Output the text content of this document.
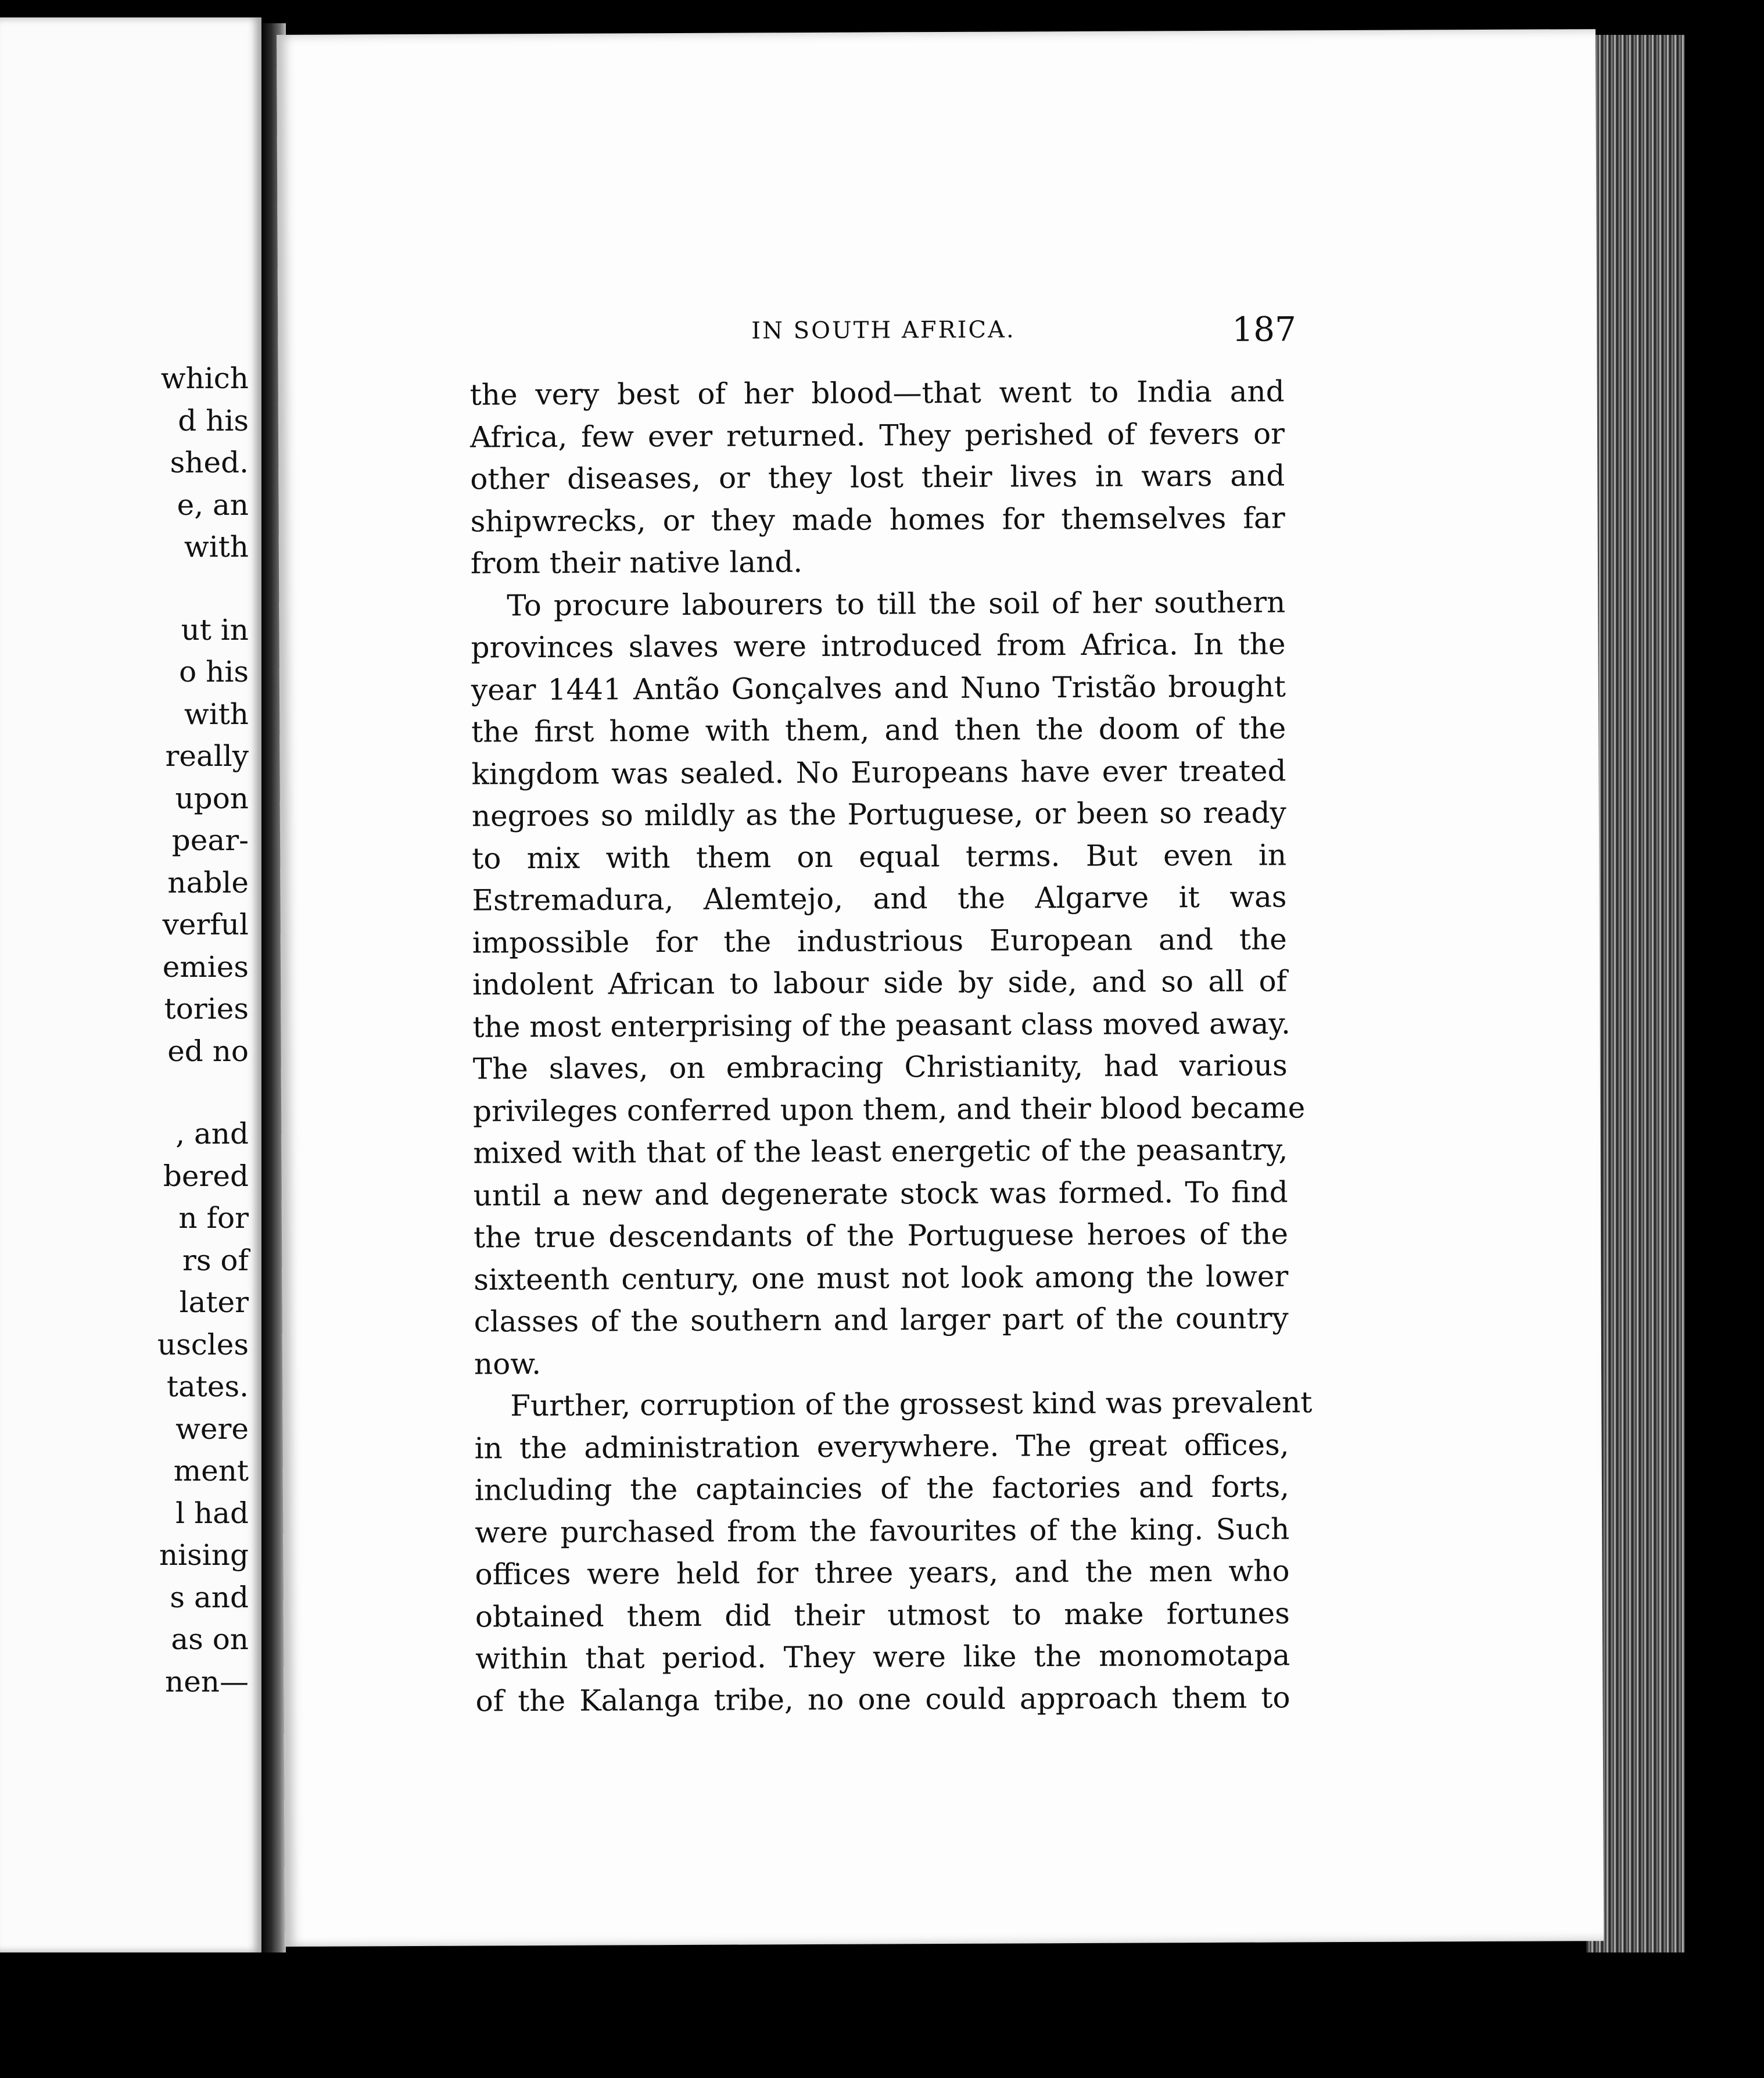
which
d his
shed.
e, an
with
ut in
o his
with
really
upon
pear-
nable
verful
emies
tories
ed no
, and
bered
n for
rs of
later
uscles
tates.
were
ment
l had
nising
s and
as on
nen—
IN SOUTH AFRICA.	187
the very best of her blood—that went to India and
Africa, few ever returned. They perished of fevers or
other diseases, or they lost their lives in wars and
shipwrecks, or they made homes for themselves far
from their native land.
To procure labourers to till the soil of her southern
provinces slaves were introduced from Africa. In the
year 1441 Antão Gonçalves and Nuno Tristão brought
the first home with them, and then the doom of the
kingdom was sealed. No Europeans have ever treated
negroes so mildly as the Portuguese, or been so ready
to mix with them on equal terms. But even in
Estremadura, Alemtejo, and the Algarve it was
impossible for the industrious European and the
indolent African to labour side by side, and so all of
the most enterprising of the peasant class moved away.
The slaves, on embracing Christianity, had various
privileges conferred upon them, and their blood became
mixed with that of the least energetic of the peasantry,
until a new and degenerate stock was formed. To find
the true descendants of the Portuguese heroes of the
sixteenth century, one must not look among the lower
classes of the southern and larger part of the country
now.
Further, corruption of the grossest kind was prevalent
in the administration everywhere. The great offices,
including the captaincies of the factories and forts,
were purchased from the favourites of the king. Such
offices were held for three years, and the men who
obtained them did their utmost to make fortunes
within that period. They were like the monomotapa
of the Kalanga tribe, no one could approach them to
